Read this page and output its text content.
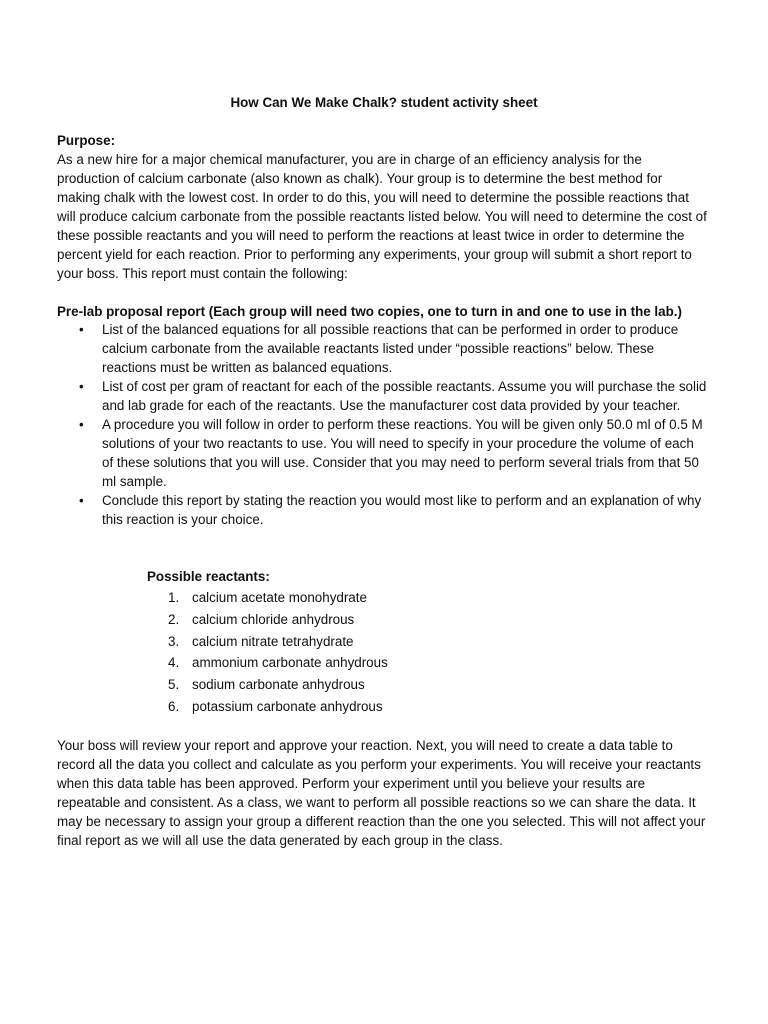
How Can We Make Chalk? student activity sheet
Purpose:

As a new hire for a major chemical manufacturer, you are in charge of an efficiency analysis for the production of calcium carbonate (also known as chalk). Your group is to determine the best method for making chalk with the lowest cost. In order to do this, you will need to determine the possible reactions that will produce calcium carbonate from the possible reactants listed below. You will need to determine the cost of these possible reactants and you will need to perform the reactions at least twice in order to determine the percent yield for each reaction. Prior to performing any experiments, your group will submit a short report to your boss. This report must contain the following:

Pre-lab proposal report (Each group will need two copies, one to turn in and one to use in the lab.)
• List of the balanced equations for all possible reactions that can be performed in order to produce calcium carbonate from the available reactants listed under “possible reactions” below. These reactions must be written as balanced equations.
• List of cost per gram of reactant for each of the possible reactants. Assume you will purchase the solid and lab grade for each of the reactants. Use the manufacturer cost data provided by your teacher.
• A procedure you will follow in order to perform these reactions. You will be given only 50.0 ml of 0.5 M solutions of your two reactants to use. You will need to specify in your procedure the volume of each of these solutions that you will use. Consider that you may need to perform several trials from that 50 ml sample.
• Conclude this report by stating the reaction you would most like to perform and an explanation of why this reaction is your choice.
Possible reactants:
1. calcium acetate monohydrate
2. calcium chloride anhydrous
3. calcium nitrate tetrahydrate
4. ammonium carbonate anhydrous
5. sodium carbonate anhydrous
6. potassium carbonate anhydrous

Your boss will review your report and approve your reaction. Next, you will need to create a data table to record all the data you collect and calculate as you perform your experiments. You will receive your reactants when this data table has been approved. Perform your experiment until you believe your results are repeatable and consistent. As a class, we want to perform all possible reactions so we can share the data. It may be necessary to assign your group a different reaction than the one you selected. This will not affect your final report as we will all use the data generated by each group in the class.
